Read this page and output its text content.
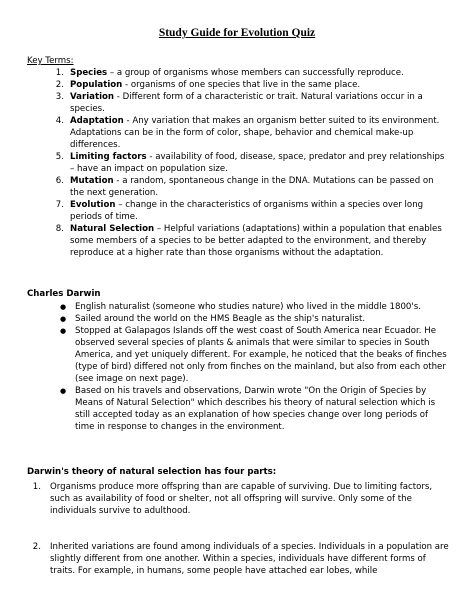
Study Guide for Evolution Quiz
Key Terms:
1. Species – a group of organisms whose members can successfully reproduce.
2. Population - organisms of one species that live in the same place.
3. Variation - Different form of a characteristic or trait. Natural variations occur in a species.
4. Adaptation - Any variation that makes an organism better suited to its environment. Adaptations can be in the form of color, shape, behavior and chemical make-up differences.
5. Limiting factors - availability of food, disease, space, predator and prey relationships – have an impact on population size.
6. Mutation - a random, spontaneous change in the DNA. Mutations can be passed on the next generation.
7. Evolution – change in the characteristics of organisms within a species over long periods of time.
8. Natural Selection – Helpful variations (adaptations) within a population that enables some members of a species to be better adapted to the environment, and thereby reproduce at a higher rate than those organisms without the adaptation.
Charles Darwin
● English naturalist (someone who studies nature) who lived in the middle 1800's.
● Sailed around the world on the HMS Beagle as the ship's naturalist.
● Stopped at Galapagos Islands off the west coast of South America near Ecuador. He observed several species of plants & animals that were similar to species in South America, and yet uniquely different. For example, he noticed that the beaks of finches (type of bird) differed not only from finches on the mainland, but also from each other (see image on next page).
● Based on his travels and observations, Darwin wrote "On the Origin of Species by Means of Natural Selection" which describes his theory of natural selection which is still accepted today as an explanation of how species change over long periods of time in response to changes in the environment.
Darwin's theory of natural selection has four parts:
1. Organisms produce more offspring than are capable of surviving. Due to limiting factors, such as availability of food or shelter, not all offspring will survive. Only some of the individuals survive to adulthood.
2. Inherited variations are found among individuals of a species. Individuals in a population are slightly different from one another. Within a species, individuals have different forms of traits. For example, in humans, some people have attached ear lobes, while
